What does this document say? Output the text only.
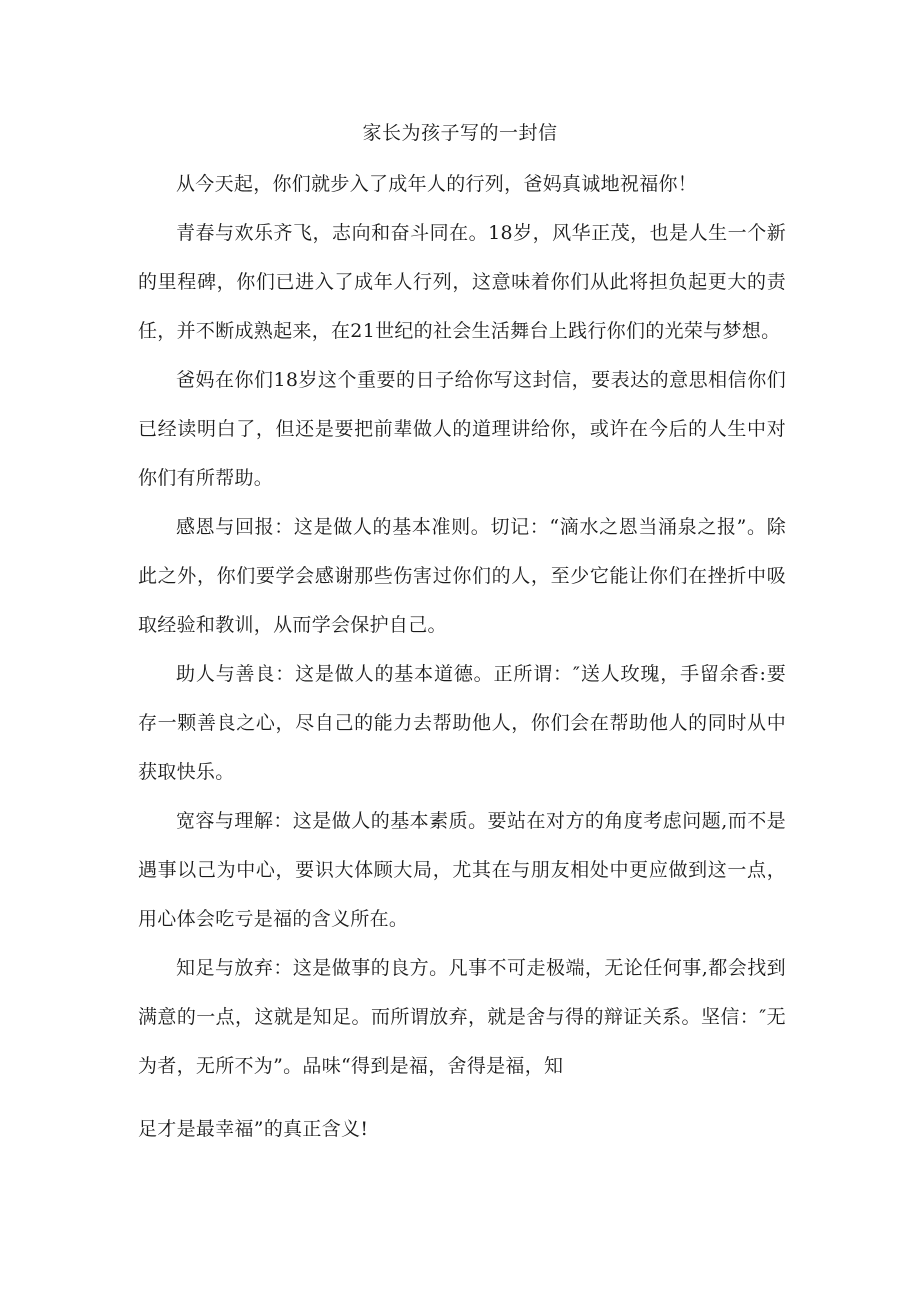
家长为孩子写的一封信

从今天起，你们就步入了成年人的行列，爸妈真诚地祝福你！

青春与欢乐齐飞，志向和奋斗同在。18岁，风华正茂，也是人生一个新的里程碑，你们已进入了成年人行列，这意味着你们从此将担负起更大的责任，并不断成熟起来，在21世纪的社会生活舞台上践行你们的光荣与梦想。

爸妈在你们18岁这个重要的日子给你写这封信，要表达的意思相信你们已经读明白了，但还是要把前辈做人的道理讲给你，或许在今后的人生中对你们有所帮助。

感恩与回报：这是做人的基本准则。切记：“滴水之恩当涌泉之报”。除此之外，你们要学会感谢那些伤害过你们的人，至少它能让你们在挫折中吸取经验和教训，从而学会保护自己。

助人与善良：这是做人的基本道德。正所谓：″送人玫瑰，手留余香:要存一颗善良之心，尽自己的能力去帮助他人，你们会在帮助他人的同时从中获取快乐。

宽容与理解：这是做人的基本素质。要站在对方的角度考虑问题,而不是遇事以己为中心，要识大体顾大局，尤其在与朋友相处中更应做到这一点，用心体会吃亏是福的含义所在。

知足与放弃：这是做事的良方。凡事不可走极端，无论任何事,都会找到满意的一点，这就是知足。而所谓放弃，就是舍与得的辩证关系。坚信：″无为者，无所不为”。品味“得到是福，舍得是福，知

足才是最幸福”的真正含义!
